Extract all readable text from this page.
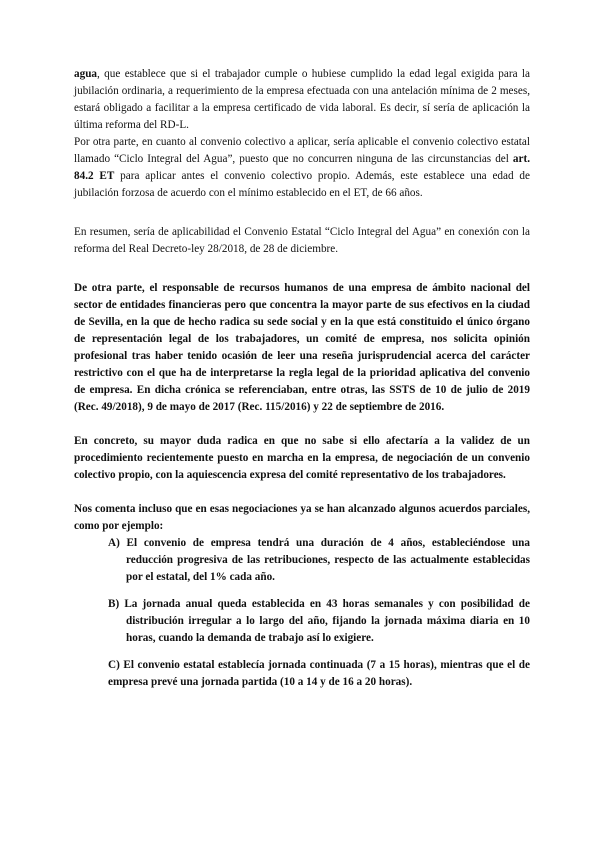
agua, que establece que si el trabajador cumple o hubiese cumplido la edad legal exigida para la jubilación ordinaria, a requerimiento de la empresa efectuada con una antelación mínima de 2 meses, estará obligado a facilitar a la empresa certificado de vida laboral. Es decir, sí sería de aplicación la última reforma del RD-L.

Por otra parte, en cuanto al convenio colectivo a aplicar, sería aplicable el convenio colectivo estatal llamado “Ciclo Integral del Agua”, puesto que no concurren ninguna de las circunstancias del art. 84.2 ET para aplicar antes el convenio colectivo propio. Además, este establece una edad de jubilación forzosa de acuerdo con el mínimo establecido en el ET, de 66 años.

En resumen, sería de aplicabilidad el Convenio Estatal “Ciclo Integral del Agua” en conexión con la reforma del Real Decreto-ley 28/2018, de 28 de diciembre.

De otra parte, el responsable de recursos humanos de una empresa de ámbito nacional del sector de entidades financieras pero que concentra la mayor parte de sus efectivos en la ciudad de Sevilla, en la que de hecho radica su sede social y en la que está constituido el único órgano de representación legal de los trabajadores, un comité de empresa, nos solicita opinión profesional tras haber tenido ocasión de leer una reseña jurisprudencial acerca del carácter restrictivo con el que ha de interpretarse la regla legal de la prioridad aplicativa del convenio de empresa. En dicha crónica se referenciaban, entre otras, las SSTS de 10 de julio de 2019 (Rec. 49/2018), 9 de mayo de 2017 (Rec. 115/2016) y 22 de septiembre de 2016.

En concreto, su mayor duda radica en que no sabe si ello afectaría a la validez de un procedimiento recientemente puesto en marcha en la empresa, de negociación de un convenio colectivo propio, con la aquiescencia expresa del comité representativo de los trabajadores.

Nos comenta incluso que en esas negociaciones ya se han alcanzado algunos acuerdos parciales, como por ejemplo:

A) El convenio de empresa tendrá una duración de 4 años, estableciéndose una reducción progresiva de las retribuciones, respecto de las actualmente establecidas por el estatal, del 1% cada año.

B) La jornada anual queda establecida en 43 horas semanales y con posibilidad de distribución irregular a lo largo del año, fijando la jornada máxima diaria en 10 horas, cuando la demanda de trabajo así lo exigiere.

C) El convenio estatal establecía jornada continuada (7 a 15 horas), mientras que el de empresa prevé una jornada partida (10 a 14 y de 16 a 20 horas).
